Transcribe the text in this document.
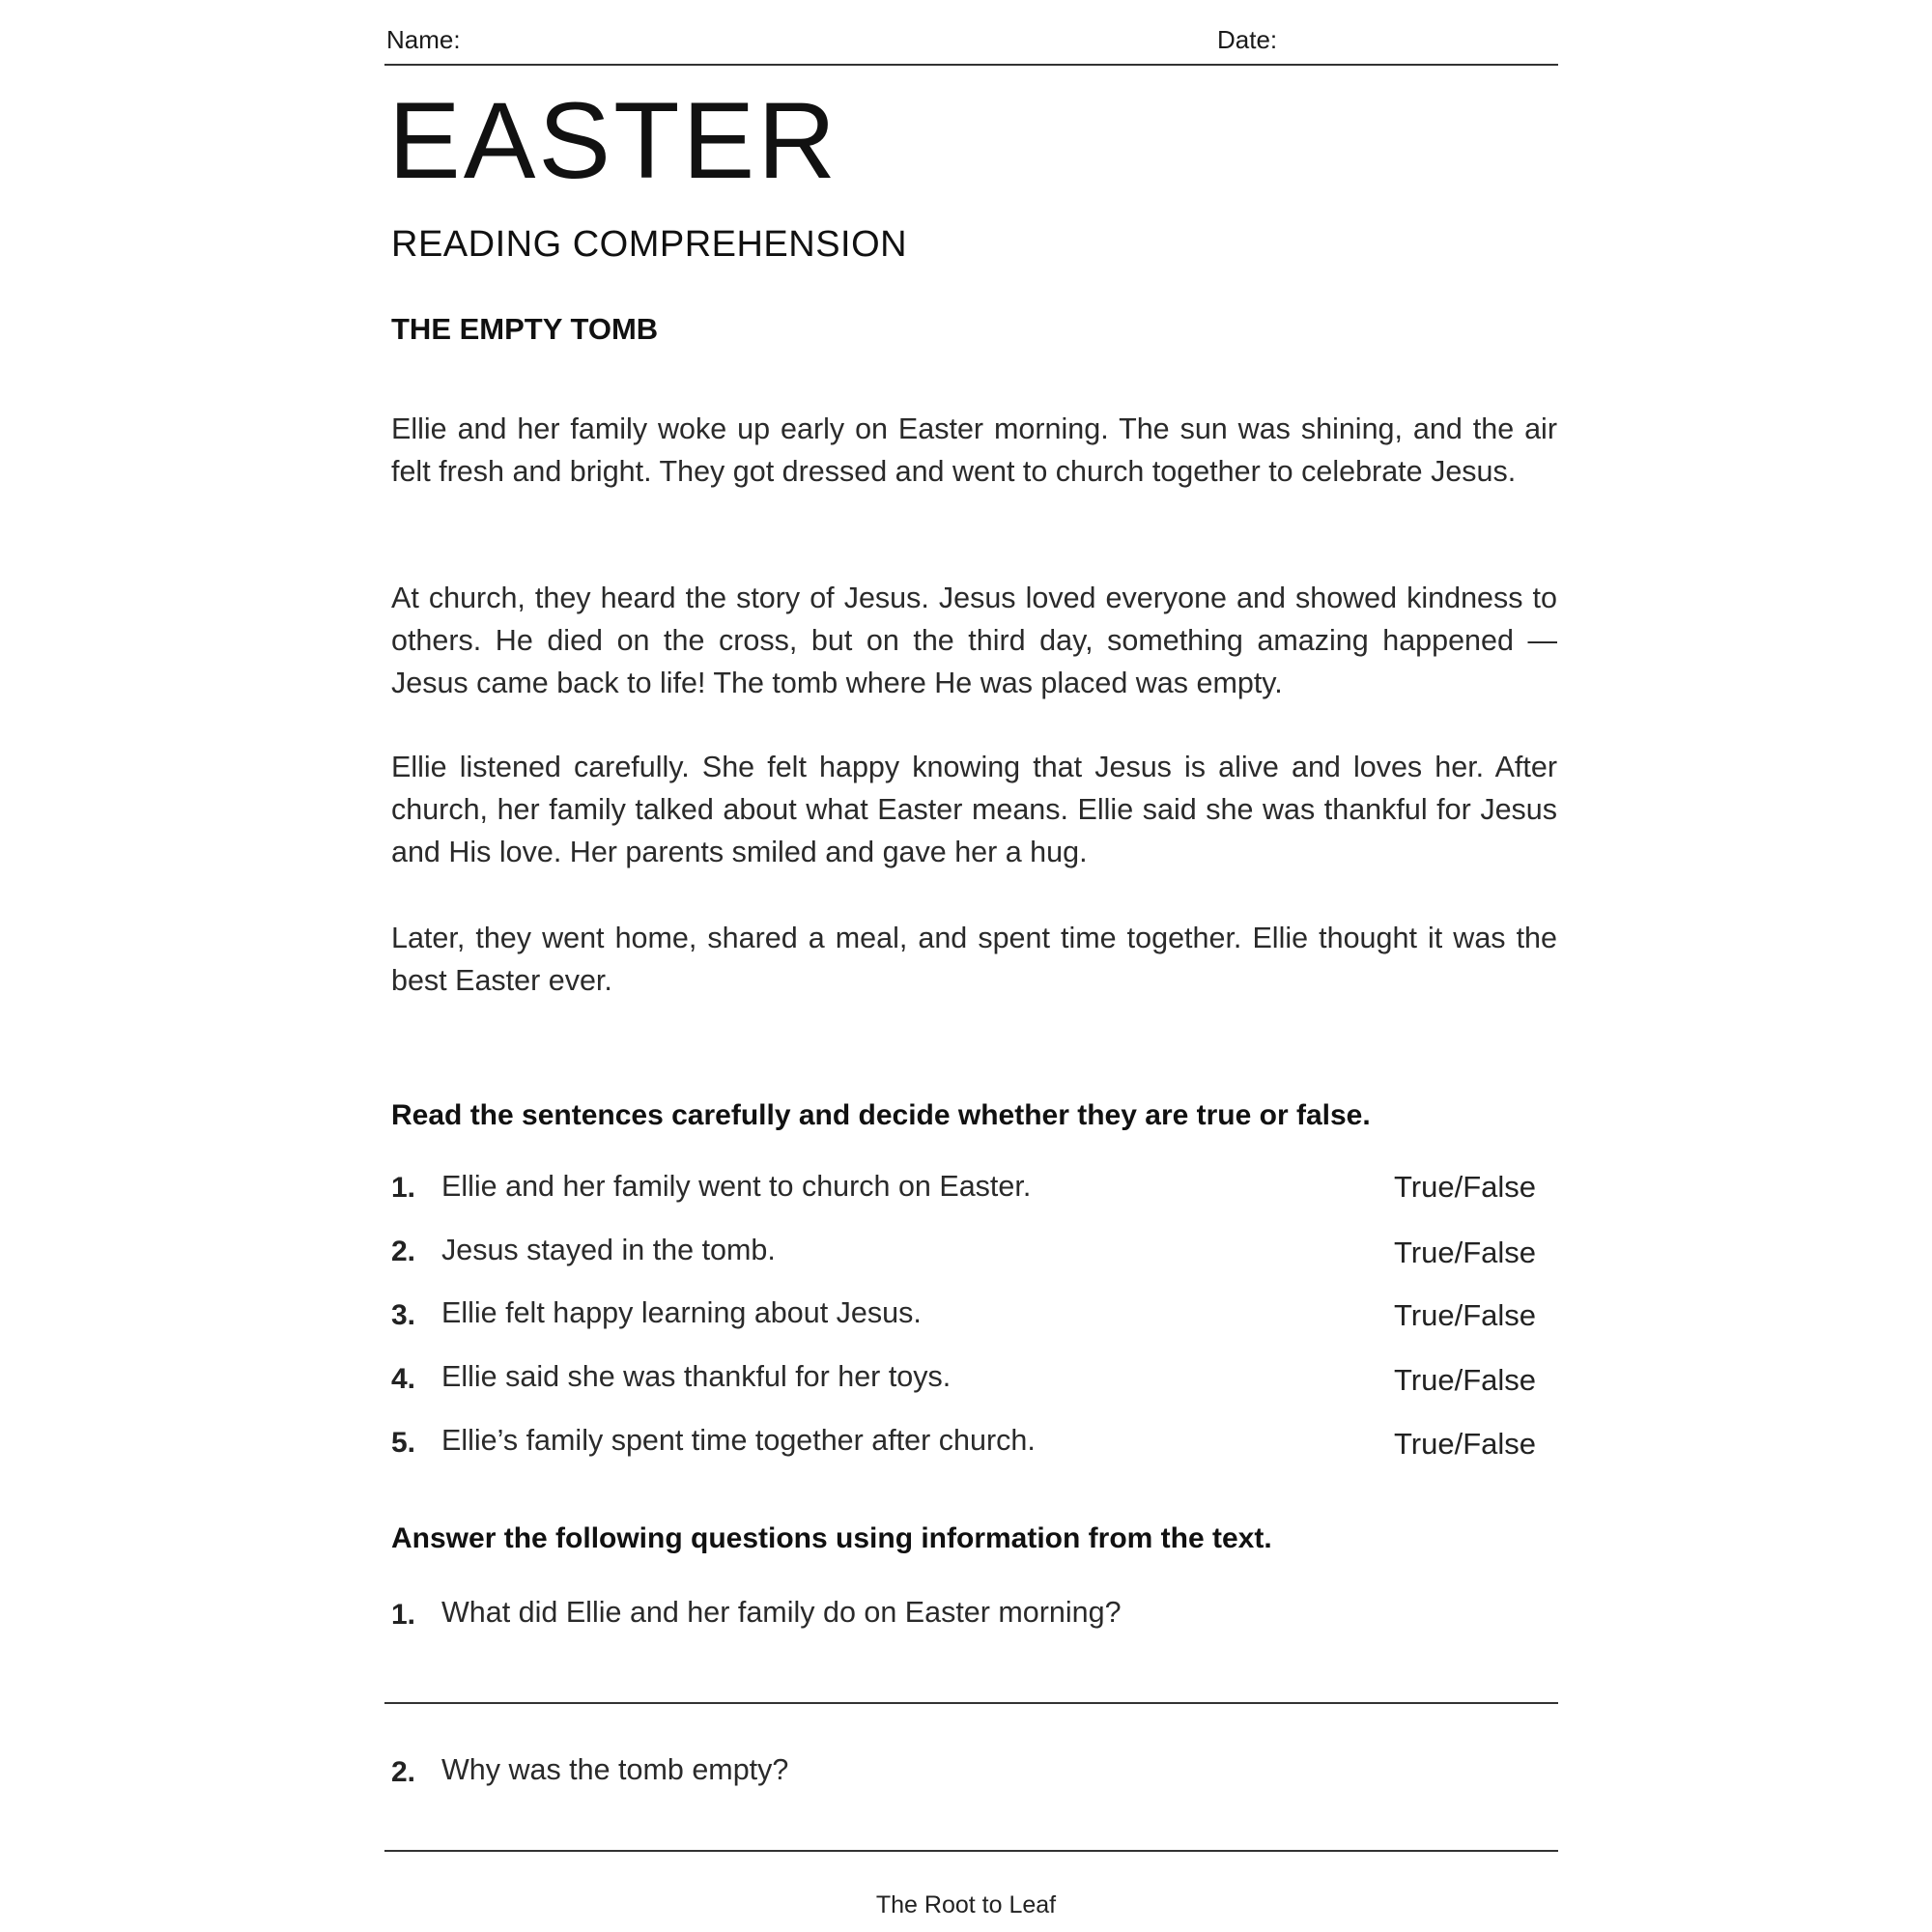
Name:	Date:
EASTER
READING COMPREHENSION
THE EMPTY TOMB
Ellie and her family woke up early on Easter morning. The sun was shining, and the air felt fresh and bright. They got dressed and went to church together to celebrate Jesus.
At church, they heard the story of Jesus. Jesus loved everyone and showed kindness to others. He died on the cross, but on the third day, something amazing happened — Jesus came back to life! The tomb where He was placed was empty.
Ellie listened carefully. She felt happy knowing that Jesus is alive and loves her. After church, her family talked about what Easter means. Ellie said she was thankful for Jesus and His love. Her parents smiled and gave her a hug.
Later, they went home, shared a meal, and spent time together. Ellie thought it was the best Easter ever.
Read the sentences carefully and decide whether they are true or false.
1. Ellie and her family went to church on Easter.	True/False
2. Jesus stayed in the tomb.	True/False
3. Ellie felt happy learning about Jesus.	True/False
4. Ellie said she was thankful for her toys.	True/False
5. Ellie’s family spent time together after church.	True/False
Answer the following questions using information from the text.
1. What did Ellie and her family do on Easter morning?
2. Why was the tomb empty?
The Root to Leaf
